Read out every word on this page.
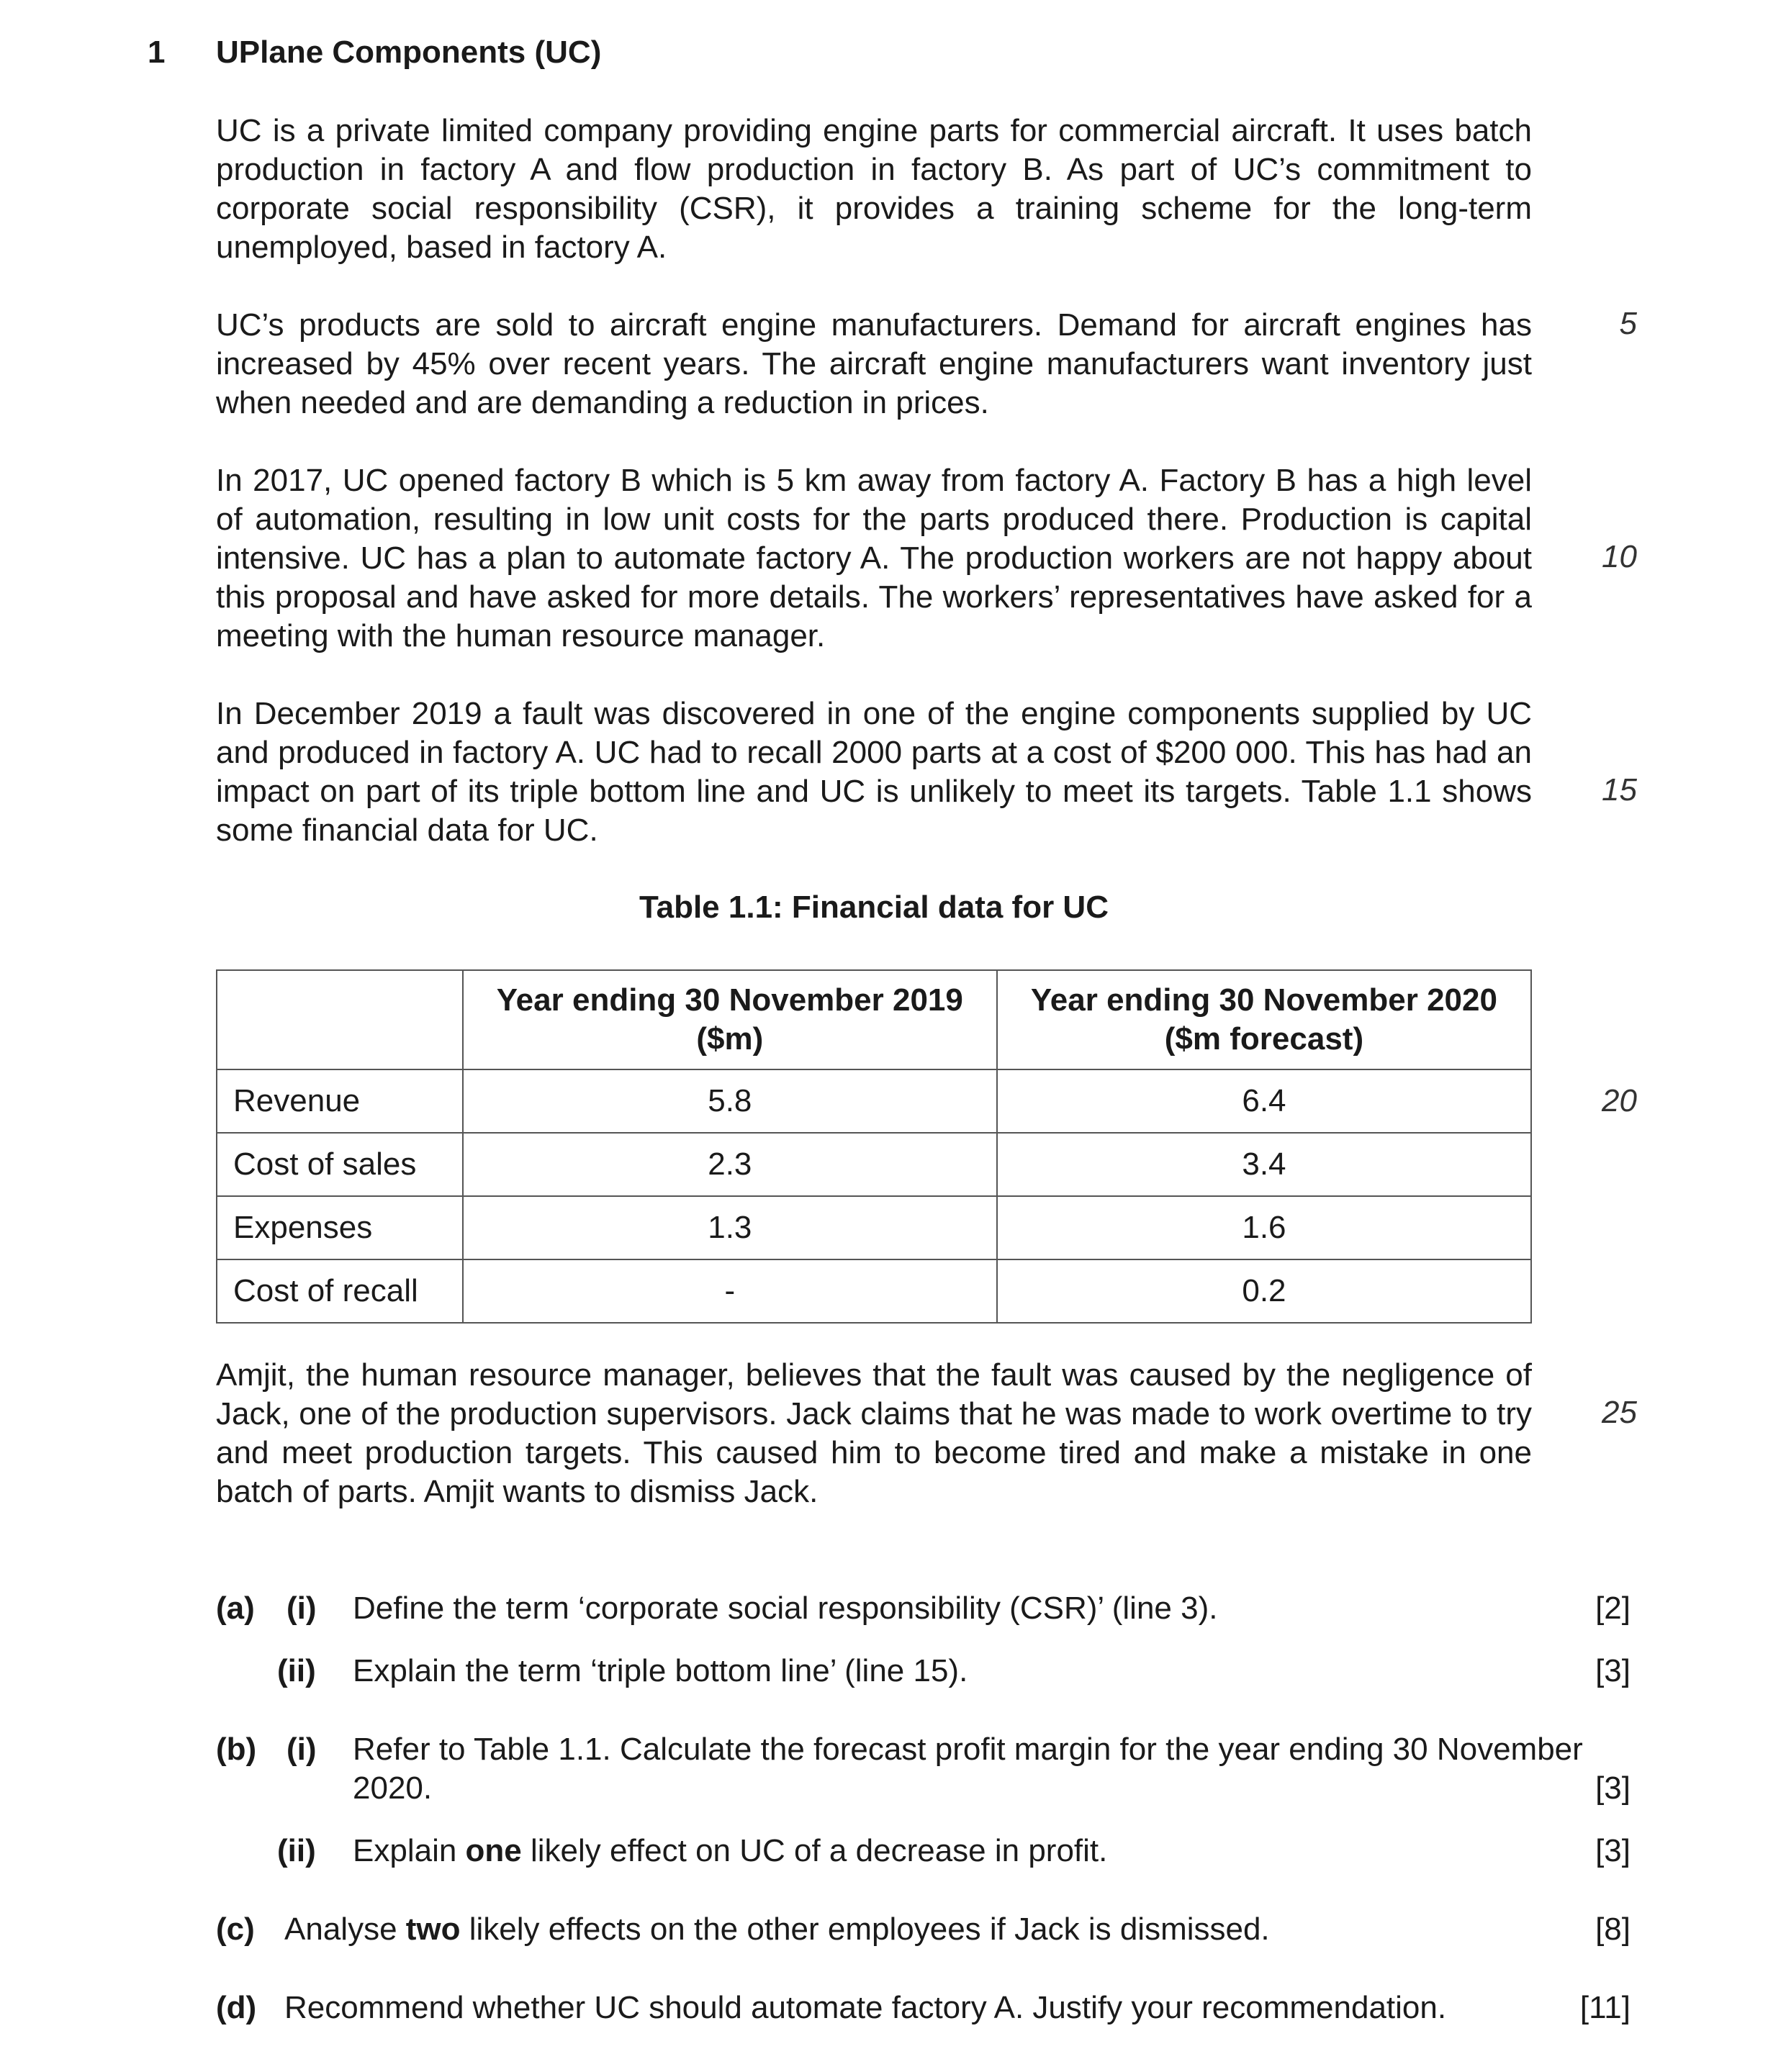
1 UPlane Components (UC)
UC is a private limited company providing engine parts for commercial aircraft. It uses batch production in factory A and flow production in factory B. As part of UC’s commitment to corporate social responsibility (CSR), it provides a training scheme for the long-term unemployed, based in factory A.
UC’s products are sold to aircraft engine manufacturers. Demand for aircraft engines has increased by 45% over recent years. The aircraft engine manufacturers want inventory just when needed and are demanding a reduction in prices.
In 2017, UC opened factory B which is 5 km away from factory A. Factory B has a high level of automation, resulting in low unit costs for the parts produced there. Production is capital intensive. UC has a plan to automate factory A. The production workers are not happy about this proposal and have asked for more details. The workers’ representatives have asked for a meeting with the human resource manager.
In December 2019 a fault was discovered in one of the engine components supplied by UC and produced in factory A. UC had to recall 2000 parts at a cost of $200 000. This has had an impact on part of its triple bottom line and UC is unlikely to meet its targets. Table 1.1 shows some financial data for UC.
Amjit, the human resource manager, believes that the fault was caused by the negligence of Jack, one of the production supervisors. Jack claims that he was made to work overtime to try and meet production targets. This caused him to become tired and make a mistake in one batch of parts. Amjit wants to dismiss Jack.
5
10
15
20
25
Table 1.1: Financial data for UC
	Year ending 30 November 2019 ($m)	Year ending 30 November 2020 ($m forecast)
Revenue	5.8	6.4
Cost of sales	2.3	3.4
Expenses	1.3	1.6
Cost of recall	-	0.2
(a) (i) Define the term ‘corporate social responsibility (CSR)’ (line 3).	[2]
(ii) Explain the term ‘triple bottom line’ (line 15).	[3]
(b) (i) Refer to Table 1.1. Calculate the forecast profit margin for the year ending 30 November
2020.	[3]
(ii) Explain one likely effect on UC of a decrease in profit.	[3]
(c) Analyse two likely effects on the other employees if Jack is dismissed.	[8]
(d) Recommend whether UC should automate factory A. Justify your recommendation.	[11]
